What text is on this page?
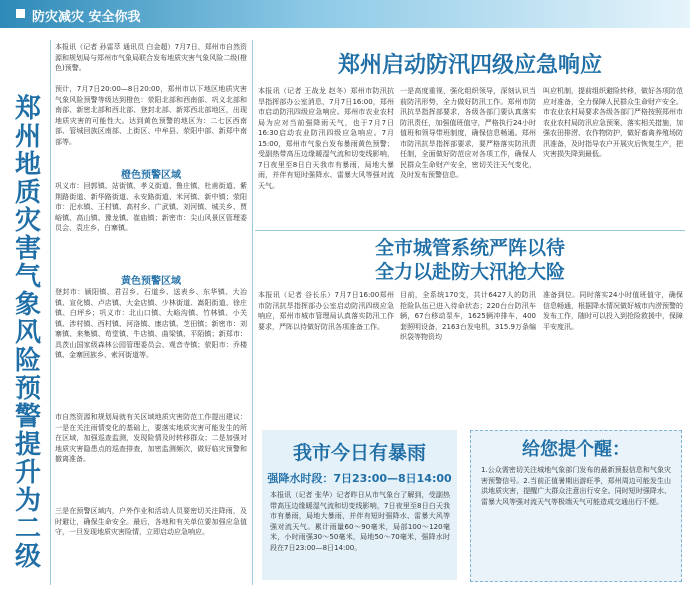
防灾减灾 安全你我
郑
州
地
质
灾
害
气
象
风
险
预
警
提
升
为
二
级
本报讯（记者 孙雷萃 通讯员 白金超）7月7日，郑州市自然资源和规划局与郑州市气象局联合发布地质灾害气象风险二级(橙色)预警。
预计，7月7日20:00—8日20:00，郑州市以下地区地质灾害气象风险预警等级达到橙色：荥阳北部和西南部、巩义北部和南部、新密北部和西北部、登封北部、新郑西北部地区，出现地质灾害的可能性大。达到黄色预警的地区为：二七区西南部、管城回族区南部、上街区、中牟县、荥阳中部、新郑中南部等。
橙色预警区域
巩义市：回郭镇、站街镇、孝义街道、鲁庄镇、杜甫街道、紫荆路街道、新华路街道、永安路街道、米河镇、新中镇；荥阳市：汜水镇、王村镇、高村乡、广武镇、刘河镇、城关乡、贾峪镇、高山镇、豫龙镇、崔庙镇；新密市：尖山风景区管理委员会、袁庄乡、白寨镇。
黄色预警区域
登封市：颍阳镇、君召乡、石道乡、送表乡、东华镇、大冶镇、宣化镇、卢店镇、大金店镇、少林街道、嵩阳街道、徐庄镇、白坪乡；巩义市：北山口镇、大峪沟镇、竹林镇、小关镇、涉村镇、西村镇、河洛镇、康店镇、芝田镇；新密市：刘寨镇、来集镇、苟堂镇、牛店镇、曲梁镇、平陌镇；新郑市：具茨山国家级森林公园管理委员会、观音寺镇；荥阳市：乔楼镇、金寨回族乡、索河街道等。
市自然资源和规划局就有关区域地质灾害防范工作提出建议：一是在关注雨情变化的基础上，要落实地质灾害可能发生的所在区域，加强巡查监测，发现险情及时转移群众；二是加强对地质灾害隐患点的巡查排查，加密监测频次，做好临灾预警和撤离准备。
三是在预警区域内，户外作业和活动人员要密切关注降雨，及时避让，确保生命安全。最后，各地和有关单位要加强应急值守，一旦发现地质灾害险情，立即启动应急响应。
郑州启动防汛四级应急响应
本报讯（记者 王战龙 赵冬）郑州市防汛抗旱指挥部办公室消息，7月7日16:00，郑州市启动防汛四级应急响应。郑州市农业农村局为应对当前强降雨天气，也于7月7日16:30启动农业防汛四级应急响应。7月15:00，郑州市气象台发布暴雨黄色预警；受副热带高压边缘暖湿气流和切变线影响，7日夜里至8日白天我市有暴雨，局地大暴雨，并伴有短时强降水、雷暴大风等强对流天气。
一是高度重视，强化组织领导，深刻认识当前防汛形势，全力做好防汛工作。郑州市防汛抗旱指挥部要求，各级各部门要认真落实防汛责任，加强值班值守，严格执行24小时值班和领导带班制度，确保信息畅通。郑州市防汛抗旱指挥部要求，要严格落实防汛责任制，全面做好防范应对各项工作，确保人民群众生命财产安全，密切关注天气变化，及时发布预警信息。
叫应机制，提前组织避险转移，做好各项防范应对准备，全力保障人民群众生命财产安全。市农业农村局要求各级各部门严格按照郑州市农业农村局防汛应急预案，落实相关措施，加强农田排涝、农作物防护，做好畜禽养殖场防汛准备，及时指导农户开展灾后恢复生产，把灾害损失降到最低。
全市城管系统严阵以待
全力以赴防大汛抢大险
本报讯（记者 谷长乐）7月7日16:00郑州市防汛抗旱指挥部办公室启动防汛四级应急响应，郑州市城市管理局认真落实防汛工作要求，严阵以待做好防汛各项准备工作。
目前，全系统170支，共计6427人的防汛抢险队伍已进入待命状态；220台台防汛车辆，67台移动泵车，1625辆冲排车，400套照明设备，2163台发电机，315.9万条编织袋等物资均
准备到位。同时落实24小时值班值守，确保信息畅通，根据降水情况做好城市内涝预警的发布工作，随时可以投入到抢险救援中，保障平安度汛。
我市今日有暴雨
强降水时段：7日23:00—8日14:00
本报讯（记者 张华）记者昨日从市气象台了解到，受副热带高压边缘暖湿气流和切变线影响，7日夜里至8日白天我市有暴雨，局地大暴雨，并伴有短时强降水、雷暴大风等强对流天气。累计雨量60～90毫米，局部100～120毫米，小时雨强30～50毫米，局地50～70毫米，强降水时段在7日23:00—8日14:00。
给您提个醒：
1.公众需密切关注城地气象部门发布的最新预报信息和气象灾害预警信号。2.当前正值暑期出游旺季，郑州周边可能发生山洪地质灾害，提醒广大群众注意出行安全。同时短时强降水、雷暴大风等强对流天气等极端天气可能造成交通出行不便。
